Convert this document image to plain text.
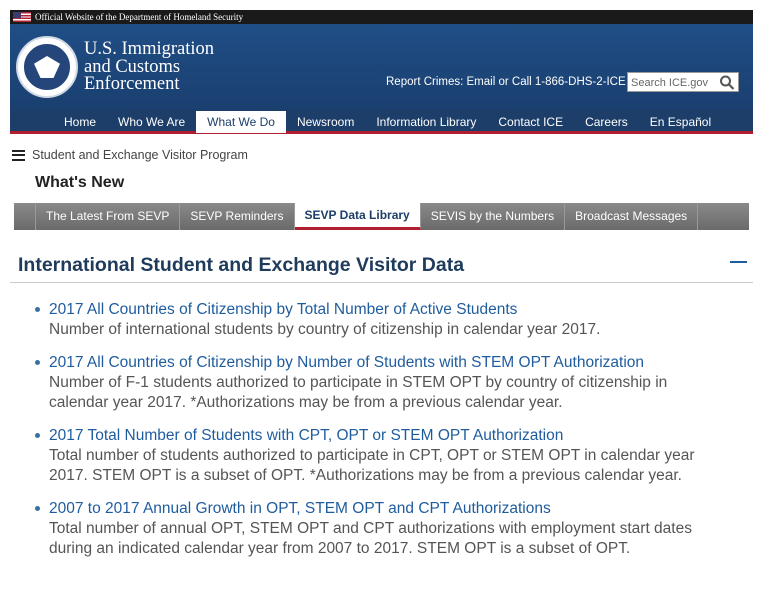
Official Website of the Department of Homeland Security
U.S. Immigration
and Customs
Enforcement	Report Crimes: Email or Call 1-866-DHS-2-ICE
Search ICE.gov
Home	Who We Are	What We Do	Newsroom	Information Library	Contact ICE	Careers	En Español
Student and Exchange Visitor Program
What's New
The Latest From SEVP	SEVP Reminders	SEVP Data Library	SEVIS by the Numbers	Broadcast Messages
International Student and Exchange Visitor Data
2017 All Countries of Citizenship by Total Number of Active Students
Number of international students by country of citizenship in calendar year 2017.
2017 All Countries of Citizenship by Number of Students with STEM OPT Authorization
Number of F-1 students authorized to participate in STEM OPT by country of citizenship in
calendar year 2017. *Authorizations may be from a previous calendar year.
2017 Total Number of Students with CPT, OPT or STEM OPT Authorization
Total number of students authorized to participate in CPT, OPT or STEM OPT in calendar year
2017. STEM OPT is a subset of OPT. *Authorizations may be from a previous calendar year.
2007 to 2017 Annual Growth in OPT, STEM OPT and CPT Authorizations
Total number of annual OPT, STEM OPT and CPT authorizations with employment start dates
during an indicated calendar year from 2007 to 2017. STEM OPT is a subset of OPT.
